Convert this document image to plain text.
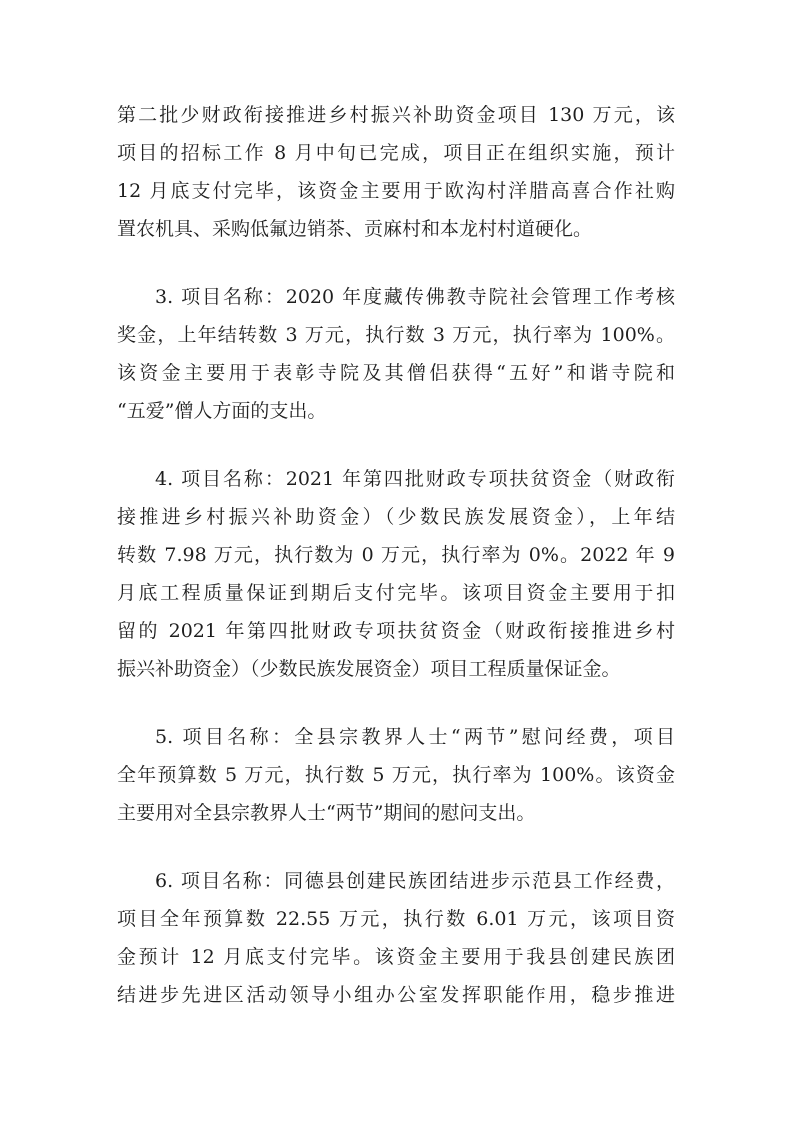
第二批少财政衔接推进乡村振兴补助资金项目 130 万元，该
项目的招标工作 8 月中旬已完成，项目正在组织实施，预计
12 月底支付完毕，该资金主要用于欧沟村洋腊高喜合作社购
置农机具、采购低氟边销茶、贡麻村和本龙村村道硬化。
3. 项目名称：2020 年度藏传佛教寺院社会管理工作考核
奖金，上年结转数 3 万元，执行数 3 万元，执行率为 100%。
该资金主要用于表彰寺院及其僧侣获得“五好”和谐寺院和
“五爱”僧人方面的支出。
4. 项目名称：2021 年第四批财政专项扶贫资金（财政衔
接推进乡村振兴补助资金）（少数民族发展资金），上年结
转数 7.98 万元，执行数为 0 万元，执行率为 0%。2022 年 9
月底工程质量保证到期后支付完毕。该项目资金主要用于扣
留的 2021 年第四批财政专项扶贫资金（财政衔接推进乡村
振兴补助资金）（少数民族发展资金）项目工程质量保证金。
5. 项目名称：全县宗教界人士“两节”慰问经费，项目
全年预算数 5 万元，执行数 5 万元，执行率为 100%。该资金
主要用对全县宗教界人士“两节”期间的慰问支出。
6. 项目名称：同德县创建民族团结进步示范县工作经费，
项目全年预算数 22.55 万元，执行数 6.01 万元，该项目资
金预计 12 月底支付完毕。该资金主要用于我县创建民族团
结进步先进区活动领导小组办公室发挥职能作用，稳步推进
